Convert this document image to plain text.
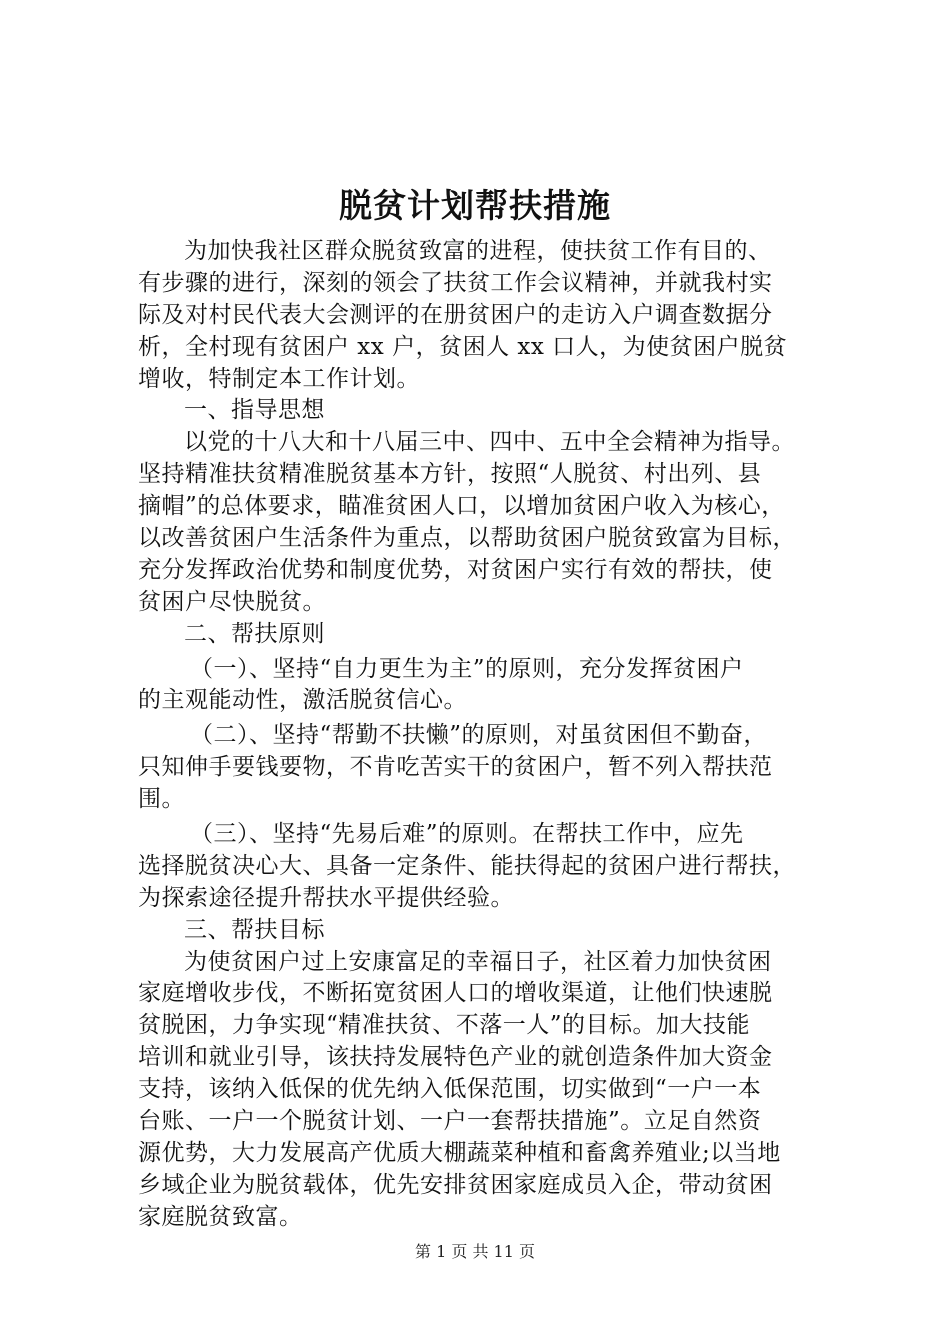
脱贫计划帮扶措施
为加快我社区群众脱贫致富的进程，使扶贫工作有目的、
有步骤的进行，深刻的领会了扶贫工作会议精神，并就我村实
际及对村民代表大会测评的在册贫困户的走访入户调查数据分
析，全村现有贫困户 xx 户，贫困人 xx 口人，为使贫困户脱贫
增收，特制定本工作计划。
一、指导思想
以党的十八大和十八届三中、四中、五中全会精神为指导。
坚持精准扶贫精准脱贫基本方针，按照“人脱贫、村出列、县
摘帽”的总体要求，瞄准贫困人口，以增加贫困户收入为核心，
以改善贫困户生活条件为重点，以帮助贫困户脱贫致富为目标，
充分发挥政治优势和制度优势，对贫困户实行有效的帮扶，使
贫困户尽快脱贫。
二、帮扶原则
（一）、坚持“自力更生为主”的原则，充分发挥贫困户
的主观能动性，激活脱贫信心。
（二）、坚持“帮勤不扶懒”的原则，对虽贫困但不勤奋，
只知伸手要钱要物，不肯吃苦实干的贫困户，暂不列入帮扶范
围。
（三）、坚持“先易后难”的原则。在帮扶工作中，应先
选择脱贫决心大、具备一定条件、能扶得起的贫困户进行帮扶，
为探索途径提升帮扶水平提供经验。
三、帮扶目标
为使贫困户过上安康富足的幸福日子，社区着力加快贫困
家庭增收步伐，不断拓宽贫困人口的增收渠道，让他们快速脱
贫脱困，力争实现“精准扶贫、不落一人”的目标。加大技能
培训和就业引导，该扶持发展特色产业的就创造条件加大资金
支持，该纳入低保的优先纳入低保范围，切实做到“一户一本
台账、一户一个脱贫计划、一户一套帮扶措施”。立足自然资
源优势，大力发展高产优质大棚蔬菜种植和畜禽养殖业;以当地
乡域企业为脱贫载体，优先安排贫困家庭成员入企，带动贫困
家庭脱贫致富。
第 1 页 共 11 页
